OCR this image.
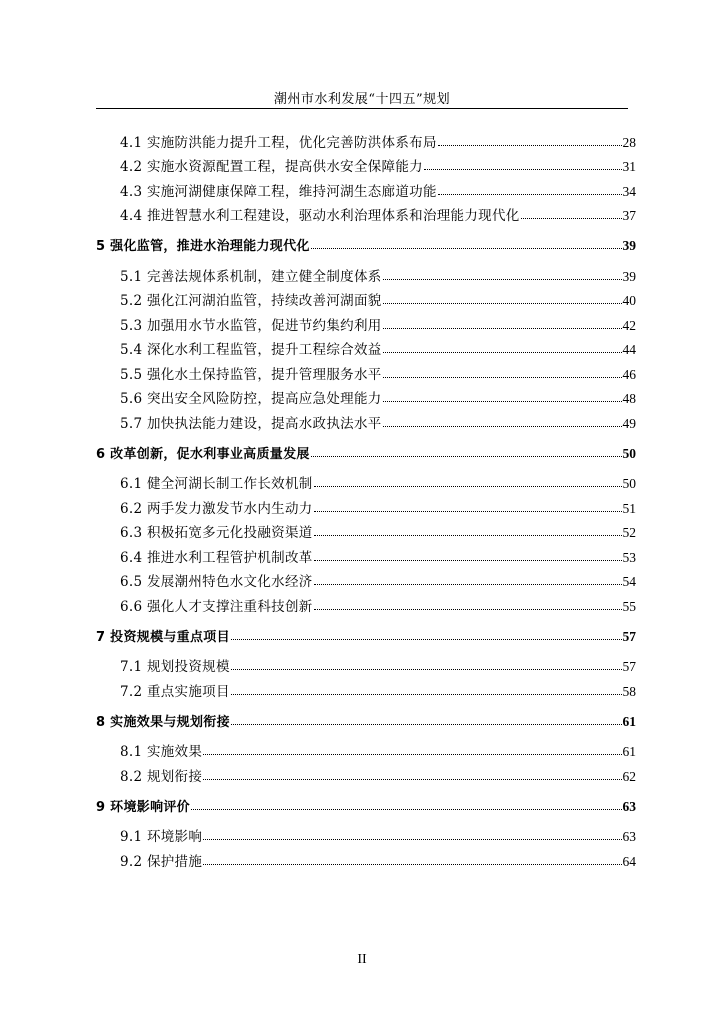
潮州市水利发展“十四五”规划
4.1 实施防洪能力提升工程，优化完善防洪体系布局	28
4.2 实施水资源配置工程，提高供水安全保障能力	31
4.3 实施河湖健康保障工程，维持河湖生态廊道功能	34
4.4 推进智慧水利工程建设，驱动水利治理体系和治理能力现代化	37
5 强化监管，推进水治理能力现代化	39
5.1 完善法规体系机制，建立健全制度体系	39
5.2 强化江河湖泊监管，持续改善河湖面貌	40
5.3 加强用水节水监管，促进节约集约利用	42
5.4 深化水利工程监管，提升工程综合效益	44
5.5 强化水土保持监管，提升管理服务水平	46
5.6 突出安全风险防控，提高应急处理能力	48
5.7 加快执法能力建设，提高水政执法水平	49
6 改革创新，促水利事业高质量发展	50
6.1 健全河湖长制工作长效机制	50
6.2 两手发力激发节水内生动力	51
6.3 积极拓宽多元化投融资渠道	52
6.4 推进水利工程管护机制改革	53
6.5 发展潮州特色水文化水经济	54
6.6 强化人才支撑注重科技创新	55
7 投资规模与重点项目	57
7.1 规划投资规模	57
7.2 重点实施项目	58
8 实施效果与规划衔接	61
8.1 实施效果	61
8.2 规划衔接	62
9 环境影响评价	63
9.1 环境影响	63
9.2 保护措施	64
II
